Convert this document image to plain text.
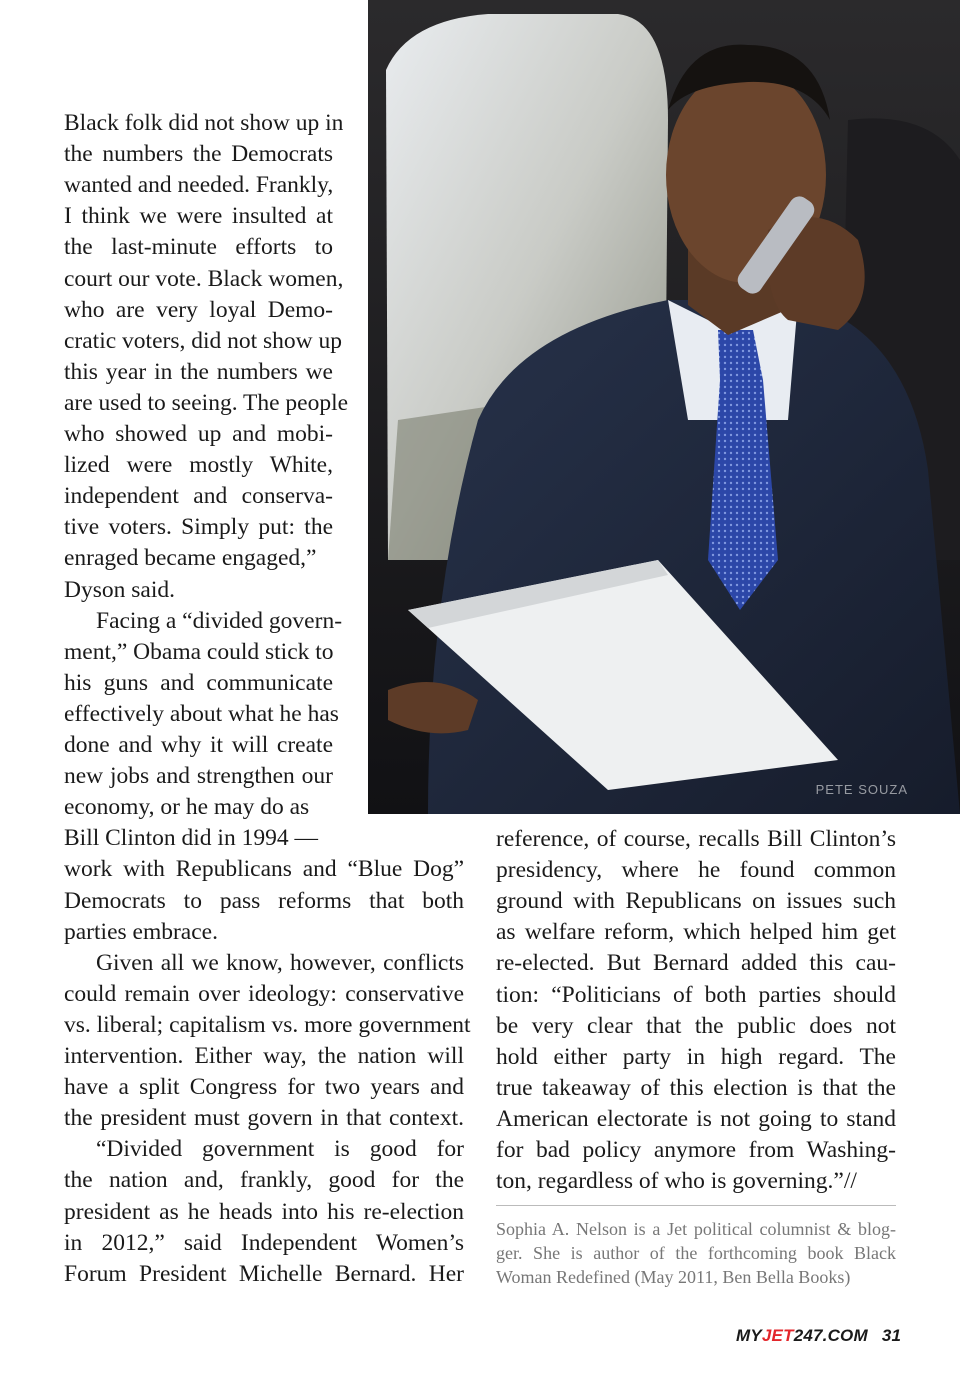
PETE SOUZA
Black folk did not show up in
the numbers the Democrats
wanted and needed. Frankly,
I think we were insulted at
the last-minute efforts to
court our vote. Black women,
who are very loyal Demo-
cratic voters, did not show up
this year in the numbers we
are used to seeing. The people
who showed up and mobi-
lized were mostly White,
independent and conserva-
tive voters. Simply put: the
enraged became engaged,”
Dyson said.
Facing a “divided govern-
ment,” Obama could stick to
his guns and communicate
effectively about what he has
done and why it will create
new jobs and strengthen our
economy, or he may do as
Bill Clinton did in 1994 —
work with Republicans and “Blue Dog”
Democrats to pass reforms that both
parties embrace.
Given all we know, however, conflicts
could remain over ideology: conservative
vs. liberal; capitalism vs. more government
intervention. Either way, the nation will
have a split Congress for two years and
the president must govern in that context.
“Divided government is good for
the nation and, frankly, good for the
president as he heads into his re-election
in 2012,” said Independent Women’s
Forum President Michelle Bernard. Her
reference, of course, recalls Bill Clinton’s
presidency, where he found common
ground with Republicans on issues such
as welfare reform, which helped him get
re-elected. But Bernard added this cau-
tion: “Politicians of both parties should
be very clear that the public does not
hold either party in high regard. The
true takeaway of this election is that the
American electorate is not going to stand
for bad policy anymore from Washing-
ton, regardless of who is governing.”//
Sophia A. Nelson is a Jet political columnist & blog-
ger. She is author of the forthcoming book Black
Woman Redefined (May 2011, Ben Bella Books)
MYJET247.COM 31
